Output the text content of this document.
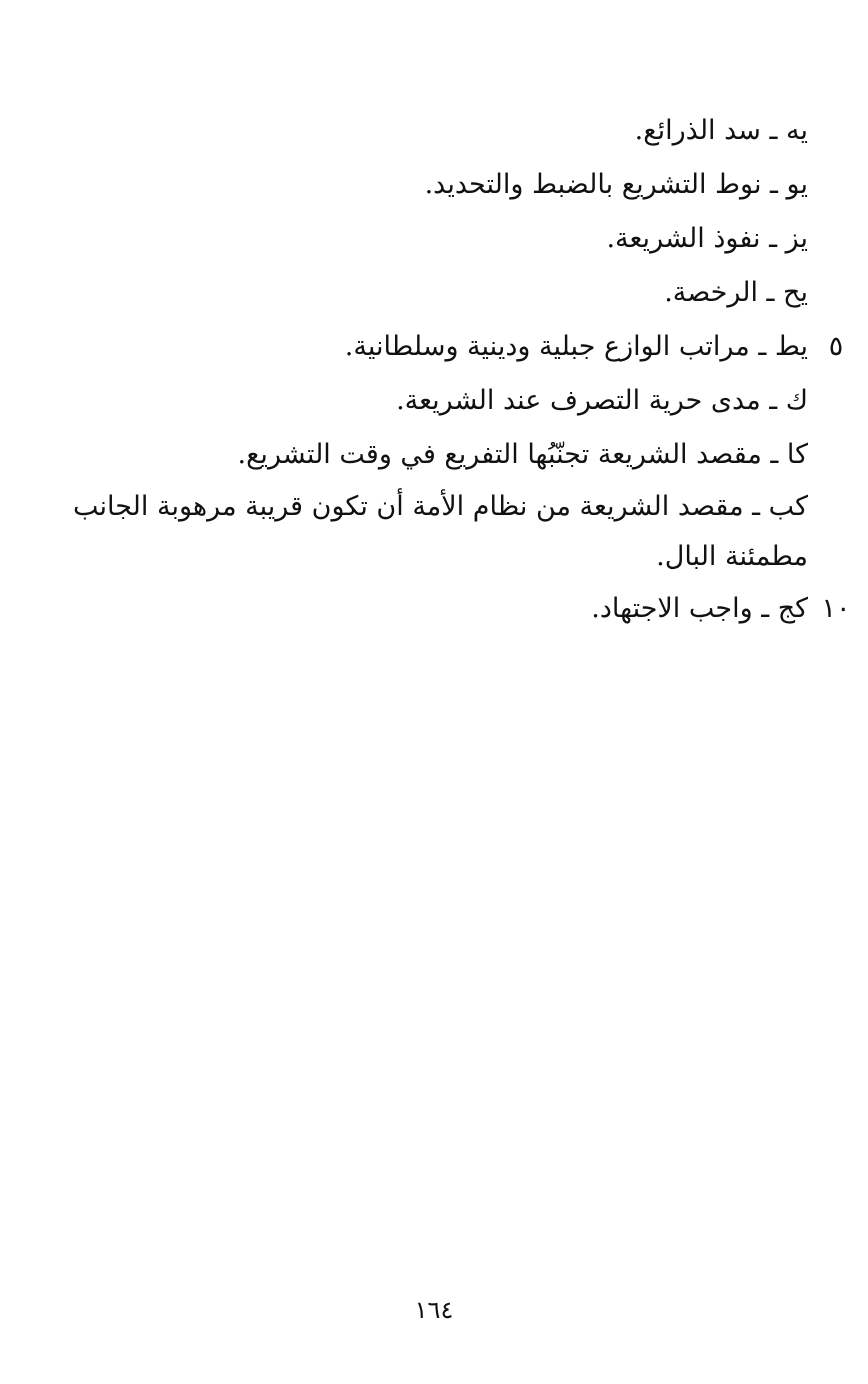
يه ـ سد الذرائع.
يو ـ نوط التشريع بالضبط والتحديد.
يز ـ نفوذ الشريعة.
يح ـ الرخصة.
٥
يط ـ مراتب الوازع جبلية ودينية وسلطانية.
ك ـ مدى حرية التصرف عند الشريعة.
كا ـ مقصد الشريعة تجنّبُها التفريع في وقت التشريع.
كب ـ مقصد الشريعة من نظام الأمة أن تكون قريبة مرهوبة الجانب مطمئنة البال.
١٠
كج ـ واجب الاجتهاد.
١٦٤
